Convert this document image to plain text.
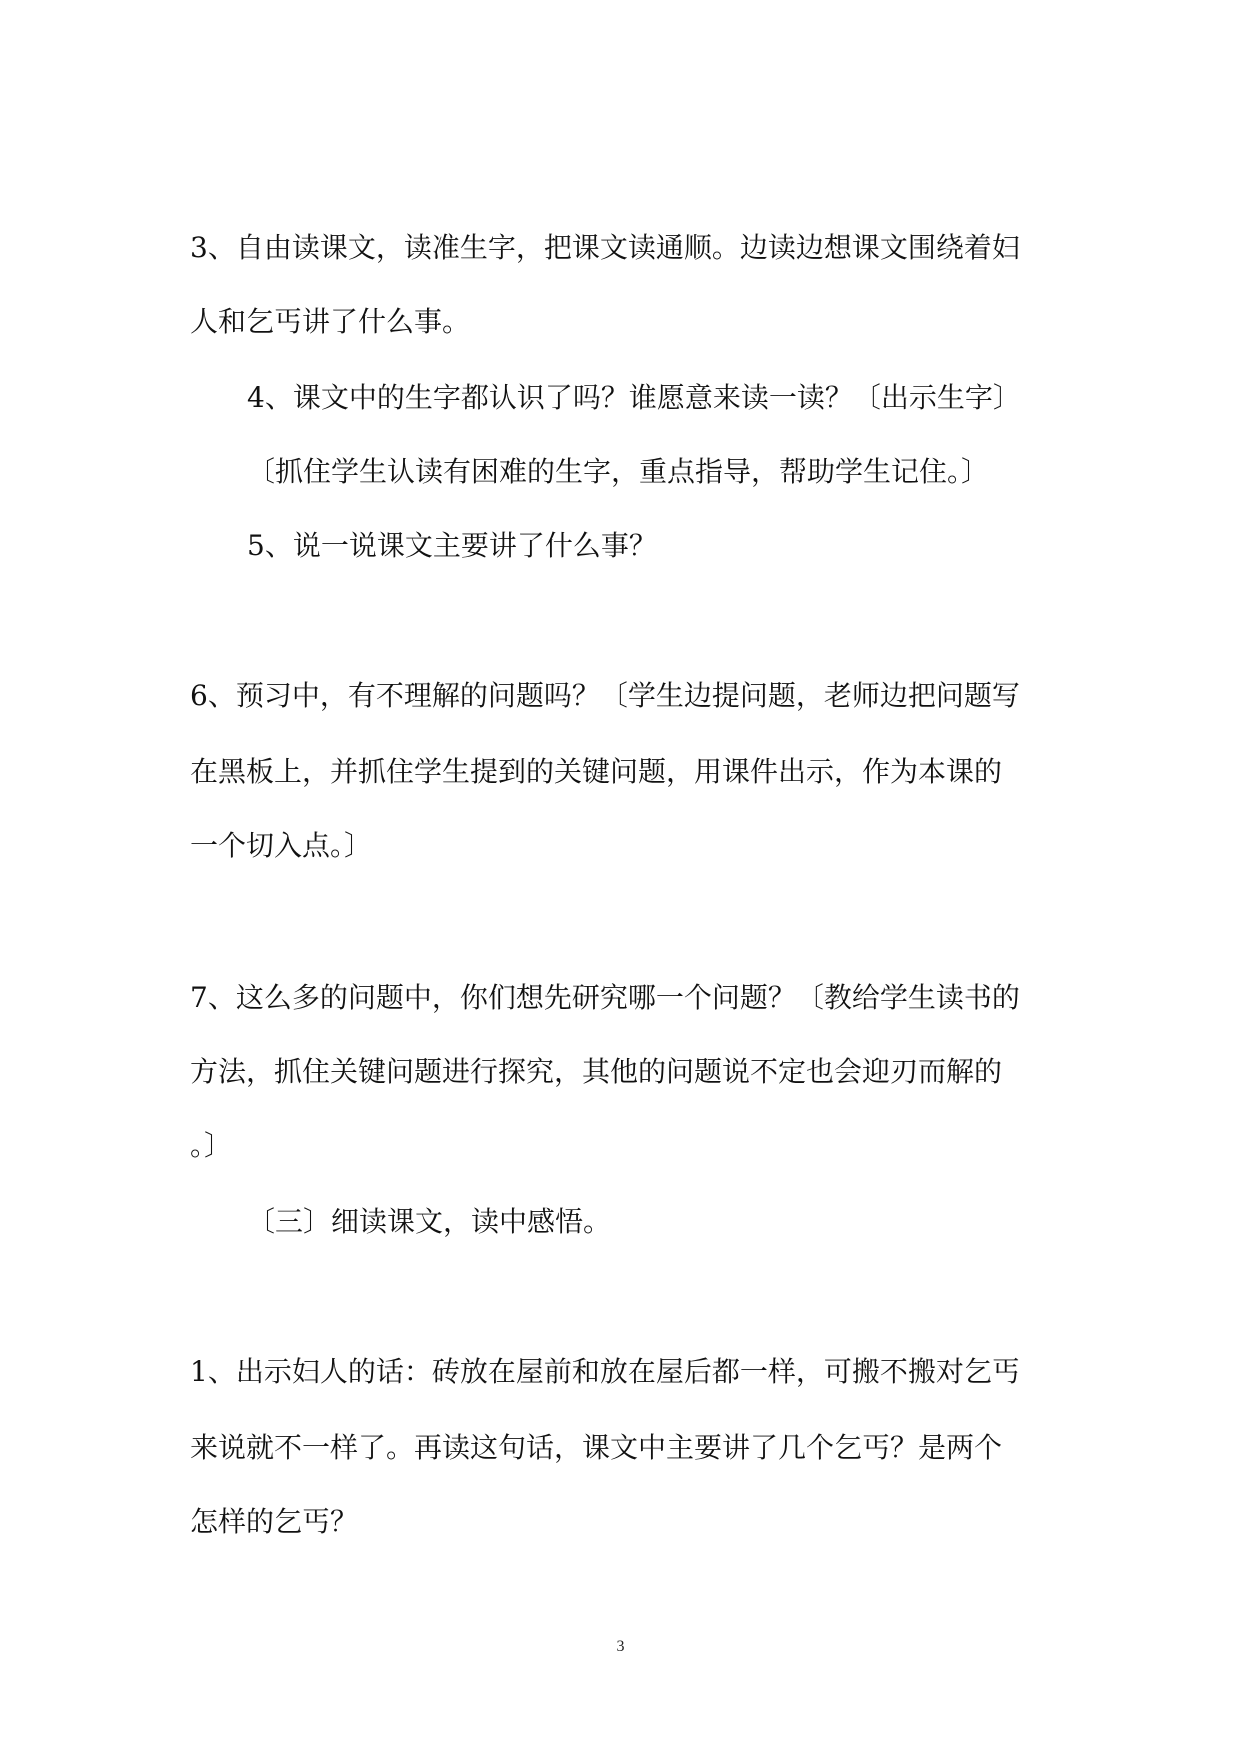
3、自由读课文，读准生字，把课文读通顺。边读边想课文围绕着妇
人和乞丐讲了什么事。
4、课文中的生字都认识了吗？谁愿意来读一读？〔出示生字〕
〔抓住学生认读有困难的生字，重点指导，帮助学生记住。〕
5、说一说课文主要讲了什么事？
6、预习中，有不理解的问题吗？〔学生边提问题，老师边把问题写
在黑板上，并抓住学生提到的关键问题，用课件出示，作为本课的
一个切入点。〕
7、这么多的问题中，你们想先研究哪一个问题？〔教给学生读书的
方法，抓住关键问题进行探究，其他的问题说不定也会迎刃而解的
。〕
〔三〕细读课文，读中感悟。
1、出示妇人的话：砖放在屋前和放在屋后都一样，可搬不搬对乞丐
来说就不一样了。再读这句话，课文中主要讲了几个乞丐？是两个
怎样的乞丐？
3
